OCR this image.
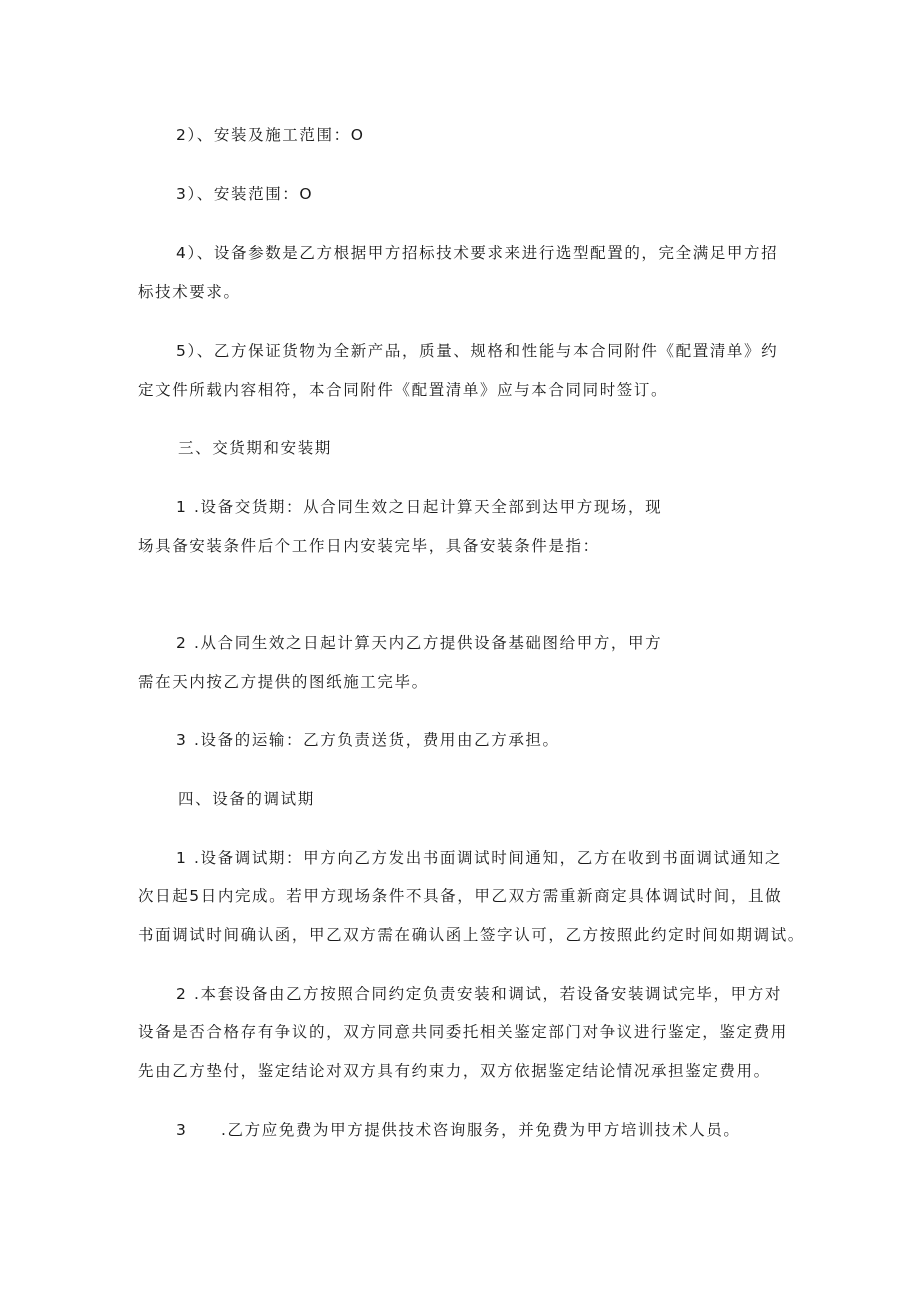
2）、安装及施工范围：O
3）、安装范围：O
4）、设备参数是乙方根据甲方招标技术要求来进行选型配置的，完全满足甲方招
标技术要求。
5）、乙方保证货物为全新产品，质量、规格和性能与本合同附件《配置清单》约
定文件所载内容相符，本合同附件《配置清单》应与本合同同时签订。
三、交货期和安装期
1 .设备交货期：从合同生效之日起计算天全部到达甲方现场，现
场具备安装条件后个工作日内安装完毕，具备安装条件是指：
2 .从合同生效之日起计算天内乙方提供设备基础图给甲方，甲方
需在天内按乙方提供的图纸施工完毕。
3 .设备的运输：乙方负责送货，费用由乙方承担。
四、设备的调试期
1 .设备调试期：甲方向乙方发出书面调试时间通知，乙方在收到书面调试通知之
次日起5日内完成。若甲方现场条件不具备，甲乙双方需重新商定具体调试时间，且做
书面调试时间确认函，甲乙双方需在确认函上签字认可，乙方按照此约定时间如期调试。
2 .本套设备由乙方按照合同约定负责安装和调试，若设备安装调试完毕，甲方对
设备是否合格存有争议的，双方同意共同委托相关鉴定部门对争议进行鉴定，鉴定费用
先由乙方垫付，鉴定结论对双方具有约束力，双方依据鉴定结论情况承担鉴定费用。
3 .乙方应免费为甲方提供技术咨询服务，并免费为甲方培训技术人员。
